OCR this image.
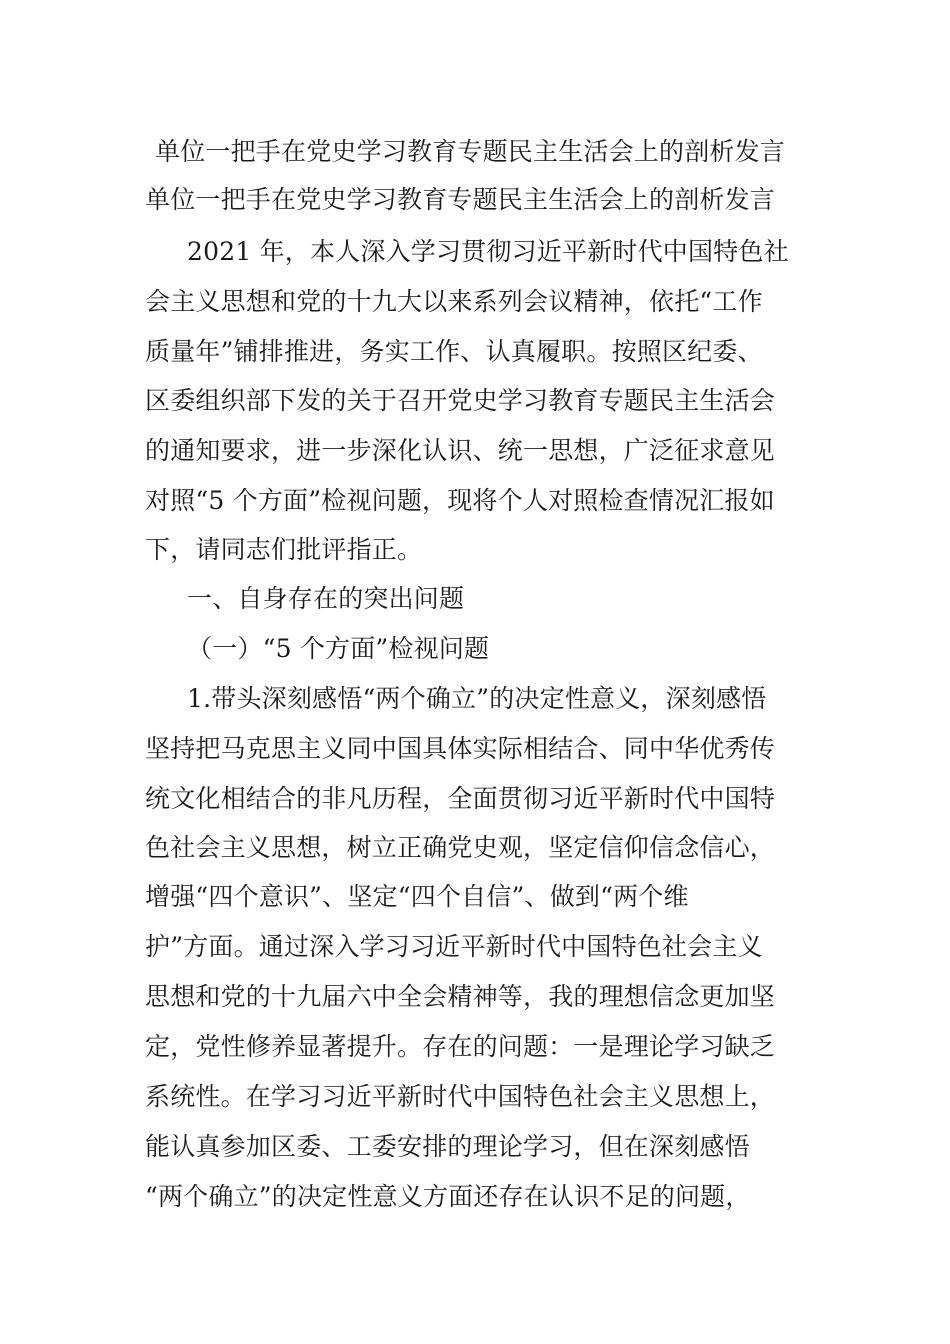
单位一把手在党史学习教育专题民主生活会上的剖析发言

单位一把手在党史学习教育专题民主生活会上的剖析发言

2021 年，本人深入学习贯彻习近平新时代中国特色社

会主义思想和党的十九大以来系列会议精神，依托“工作

质量年”铺排推进，务实工作、认真履职。按照区纪委、

区委组织部下发的关于召开党史学习教育专题民主生活会

的通知要求，进一步深化认识、统一思想，广泛征求意见

对照“5 个方面”检视问题，现将个人对照检查情况汇报如

下，请同志们批评指正。

一、自身存在的突出问题

（一）“5 个方面”检视问题

1.带头深刻感悟“两个确立”的决定性意义，深刻感悟

坚持把马克思主义同中国具体实际相结合、同中华优秀传

统文化相结合的非凡历程，全面贯彻习近平新时代中国特

色社会主义思想，树立正确党史观，坚定信仰信念信心，

增强“四个意识”、坚定“四个自信”、做到“两个维

护”方面。通过深入学习习近平新时代中国特色社会主义

思想和党的十九届六中全会精神等，我的理想信念更加坚

定，党性修养显著提升。存在的问题：一是理论学习缺乏

系统性。在学习习近平新时代中国特色社会主义思想上，

能认真参加区委、工委安排的理论学习，但在深刻感悟

“两个确立”的决定性意义方面还存在认识不足的问题，
